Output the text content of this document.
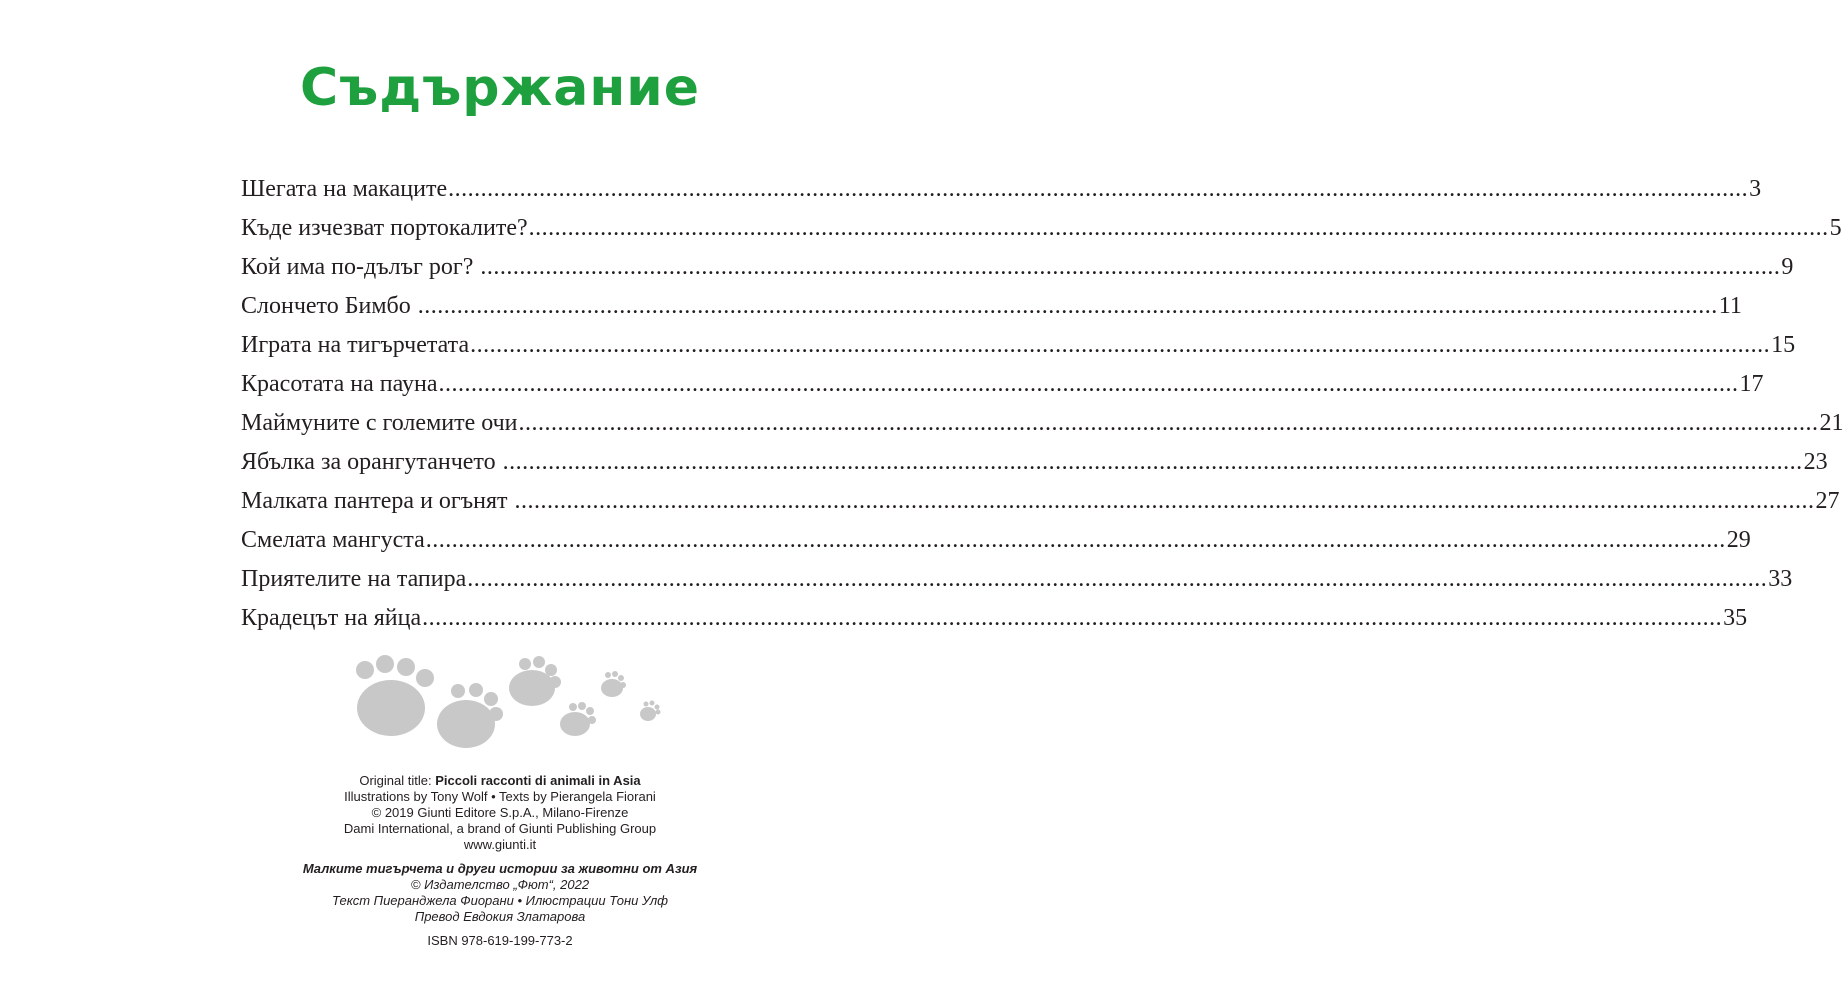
Съдържание
Шегата на макаците ........................................................................................................................................................................................................ 3
Къде изчезват портокалите? ........................................................................................................................................................................................................ 5
Кой има по-дълъг рог? ........................................................................................................................................................................................................ 9
Слончето Бимбо ........................................................................................................................................................................................................ 11
Играта на тигърчетата ........................................................................................................................................................................................................ 15
Красотата на пауна ........................................................................................................................................................................................................ 17
Маймуните с големите очи ........................................................................................................................................................................................................ 21
Ябълка за орангутанчето ........................................................................................................................................................................................................ 23
Малката пантера и огънят ........................................................................................................................................................................................................ 27
Смелата мангуста ........................................................................................................................................................................................................ 29
Приятелите на тапира ........................................................................................................................................................................................................ 33
Крадецът на яйца ........................................................................................................................................................................................................ 35
Original title: Piccoli racconti di animali in Asia
Illustrations by Tony Wolf • Texts by Pierangela Fiorani
© 2019 Giunti Editore S.p.A., Milano-Firenze
Dami International, a brand of Giunti Publishing Group
www.giunti.it
Малките тигърчета и други истории за животни от Азия
© Издателство „Фют“, 2022
Текст Пиеранджела Фиорани • Илюстрации Тони Улф
Превод Евдокия Златарова
ISBN 978-619-199-773-2
